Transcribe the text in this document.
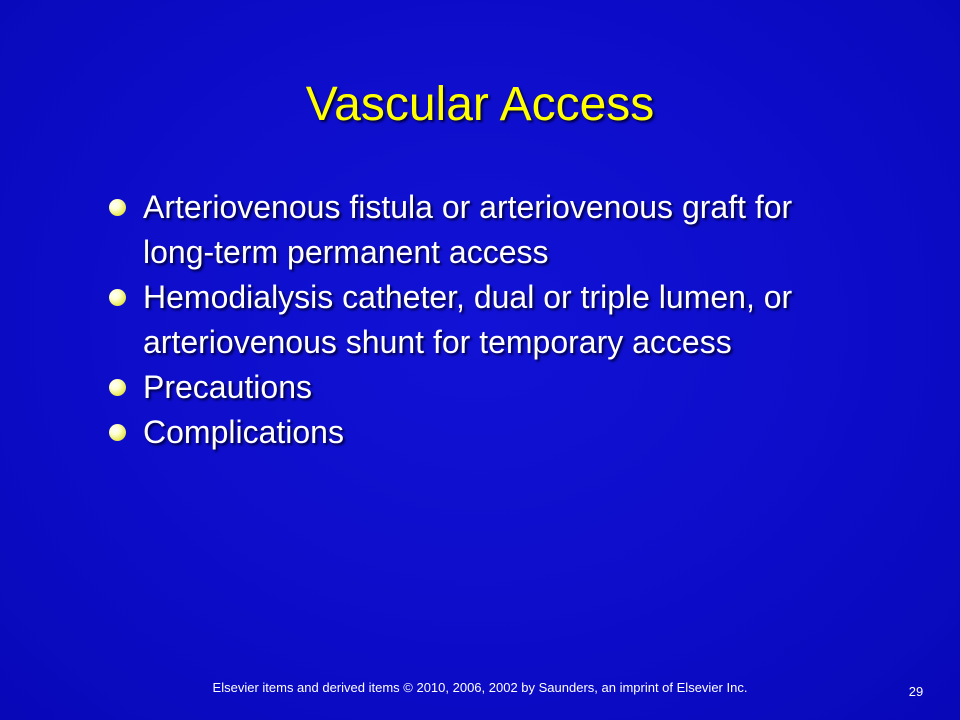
Vascular Access
Arteriovenous fistula or arteriovenous graft for long-term permanent access
Hemodialysis catheter, dual or triple lumen, or arteriovenous shunt for temporary access
Precautions
Complications
Elsevier items and derived items © 2010, 2006, 2002 by Saunders, an imprint of Elsevier Inc.	29
